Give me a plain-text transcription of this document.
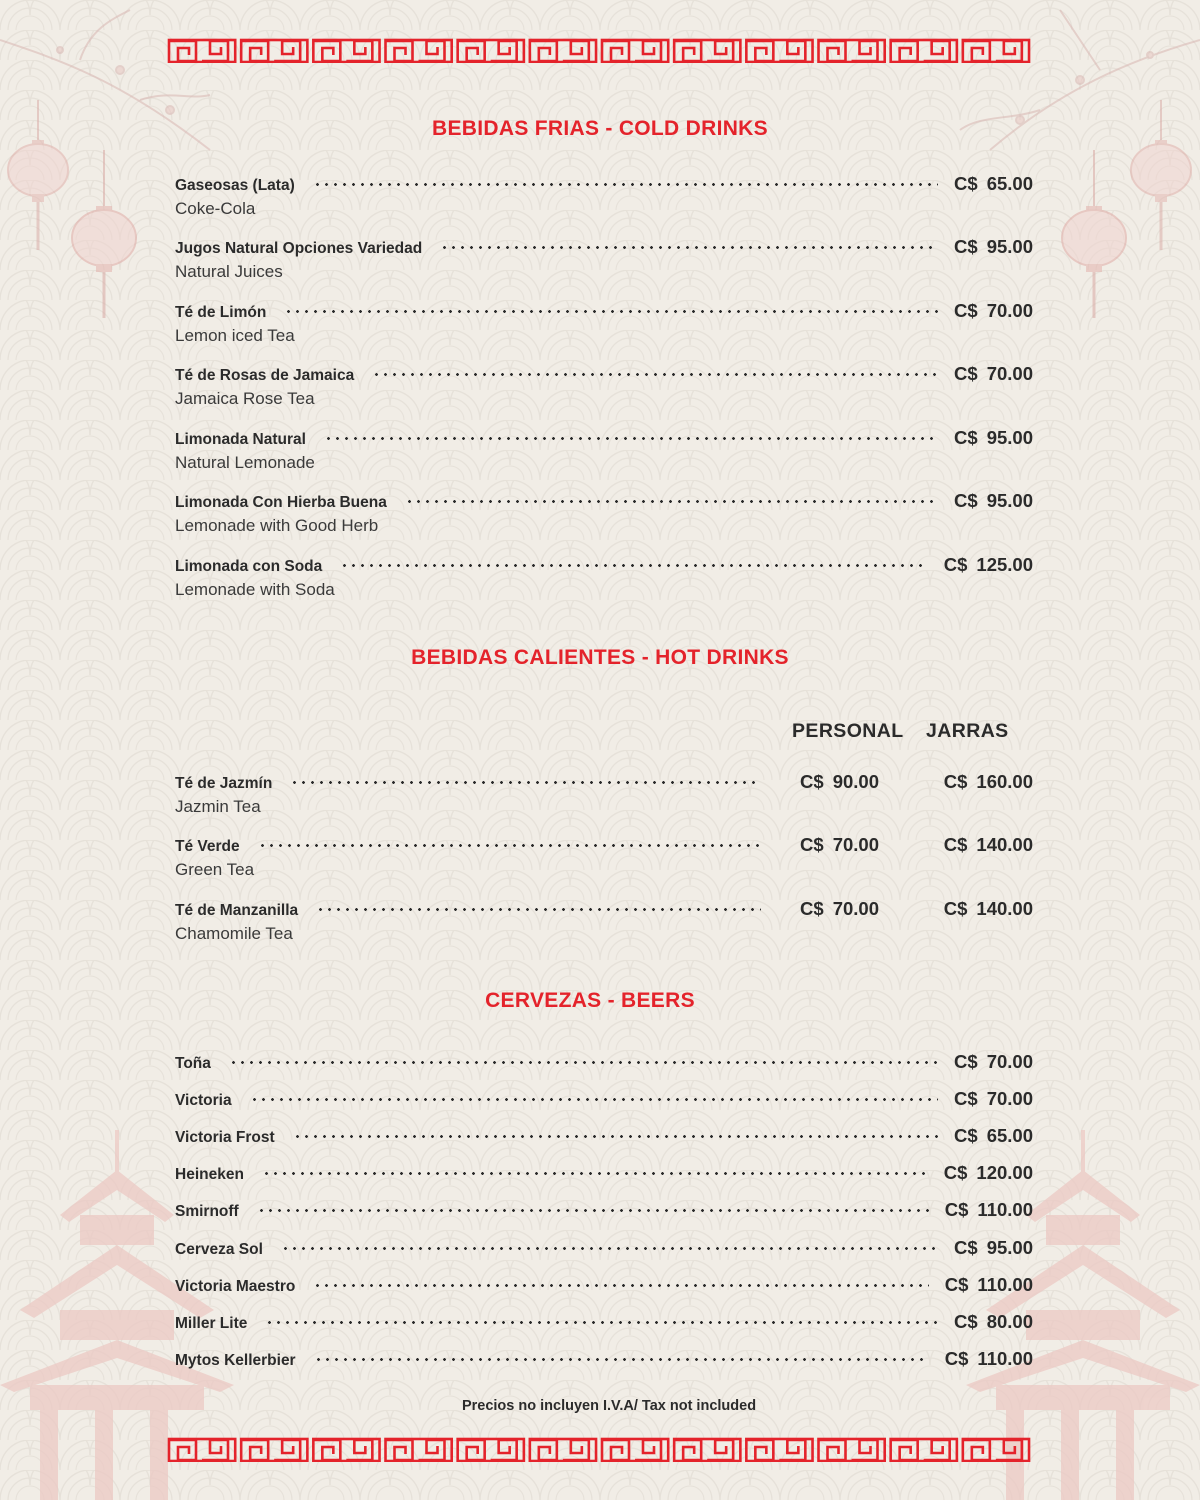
BEBIDAS FRIAS - COLD DRINKS
Gaseosas (Lata)	C$ 65.00
Coke-Cola
Jugos Natural Opciones Variedad	C$ 95.00
Natural Juices
Té de Limón	C$ 70.00
Lemon iced Tea
Té de Rosas de Jamaica	C$ 70.00
Jamaica Rose Tea
Limonada Natural	C$ 95.00
Natural Lemonade
Limonada Con Hierba Buena	C$ 95.00
Lemonade with Good Herb
Limonada con Soda	C$ 125.00
Lemonade with Soda
BEBIDAS CALIENTES - HOT DRINKS
PERSONAL JARRAS
Té de Jazmín	C$ 90.00	C$ 160.00
Jazmin Tea
Té Verde	C$ 70.00	C$ 140.00
Green Tea
Té de Manzanilla	C$ 70.00	C$ 140.00
Chamomile Tea
CERVEZAS - BEERS
Toña	C$ 70.00
Victoria	C$ 70.00
Victoria Frost	C$ 65.00
Heineken	C$ 120.00
Smirnoff	C$ 110.00
Cerveza Sol	C$ 95.00
Victoria Maestro	C$ 110.00
Miller Lite	C$ 80.00
Mytos Kellerbier	C$ 110.00
Precios no incluyen I.V.A/ Tax not included
